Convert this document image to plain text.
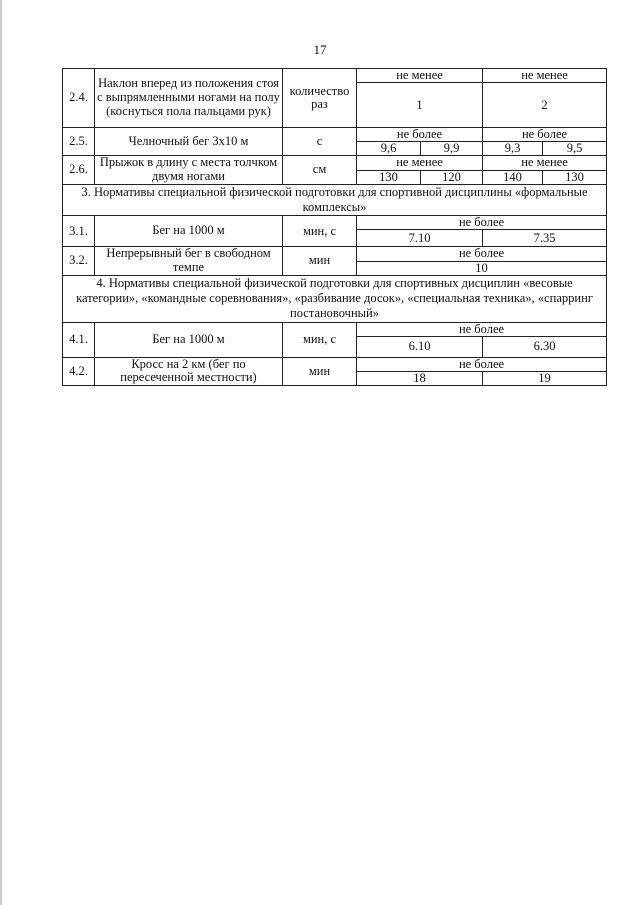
17
2.4.	Наклон вперед из положения стоя с выпрямленными ногами на полу (коснуться пола пальцами рук)	количество раз	не менее		не менее	
			1		2	
2.5.	Челночный бег 3х10 м	с	не более		не более	
			9,6	9,9	9,3	9,5
2.6.	Прыжок в длину с места толчком двумя ногами	см	не менее		не менее	
			130	120	140	130
3. Нормативы специальной физической подготовки для спортивной дисциплины «формальные комплексы»						
3.1.	Бег на 1000 м	мин, с	не более			
			7.10		7.35	
3.2.	Непрерывный бег в свободном темпе	мин	не более			
			10			
4. Нормативы специальной физической подготовки для спортивных дисциплин «весовые категории», «командные соревнования», «разбивание досок», «специальная техника», «спарринг постановочный»						
4.1.	Бег на 1000 м	мин, с	не более			
			6.10		6.30	
4.2.	Кросс на 2 км (бег по пересеченной местности)	мин	не более			
			18		19	
